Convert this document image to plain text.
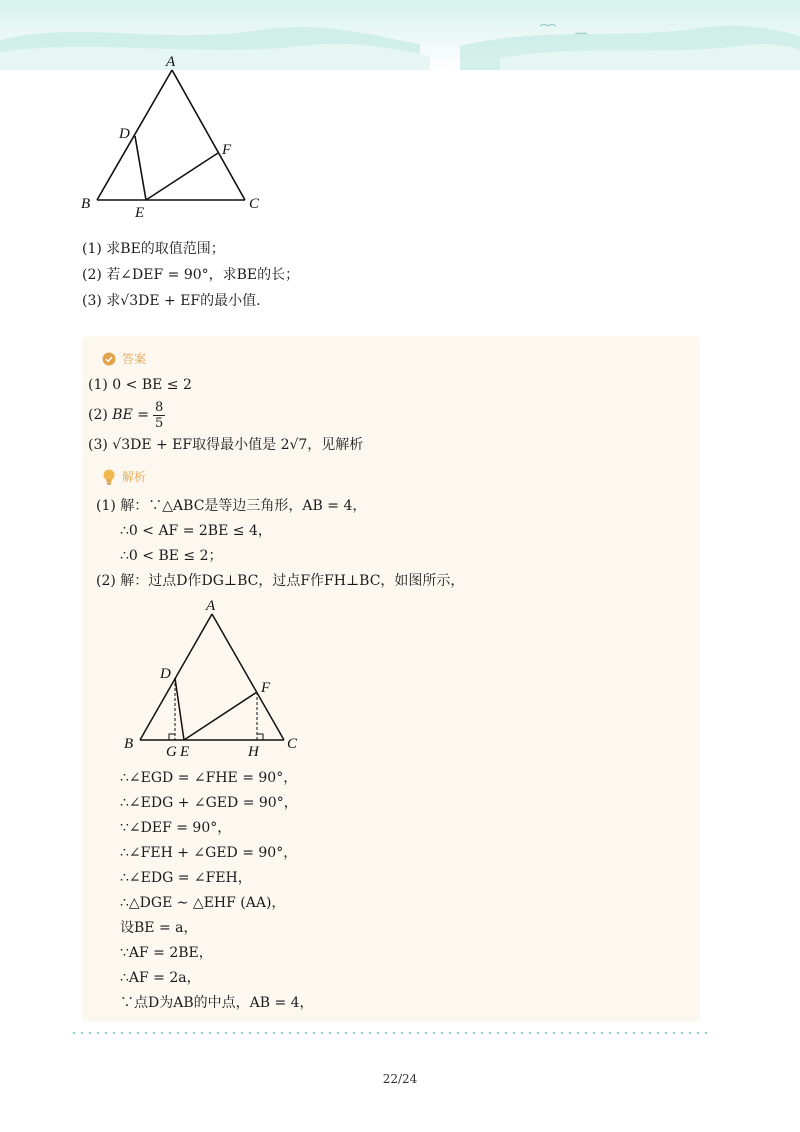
A
B	C
D
E
F
(1) 求BE的取值范围；
(2) 若∠DEF = 90°，求BE的长；
(3) 求√3DE + EF的最小值.
答案
(1) 0 < BE ≤ 2
(2)
BE = $\frac{8}{5}$
(3) √3DE + EF取得最小值是 2√7，见解析
解析
(1) 解：∵△ABC是等边三角形，AB = 4，
∴0 < AF = 2BE ≤ 4，
∴0 < BE ≤ 2；
(2) 解：过点D作DG⊥BC，过点F作FH⊥BC，如图所示，
A
B	C
D
E
F
G	H
∴∠EGD = ∠FHE = 90°，
∴∠EDG + ∠GED = 90°，
∵∠DEF = 90°，
∴∠FEH + ∠GED = 90°，
∴∠EDG = ∠FEH，
∴△DGE ∼ △EHF (AA)，
设BE = a，
∵AF = 2BE，
∴AF = 2a，
∵点D为AB的中点，AB = 4，
22/24
